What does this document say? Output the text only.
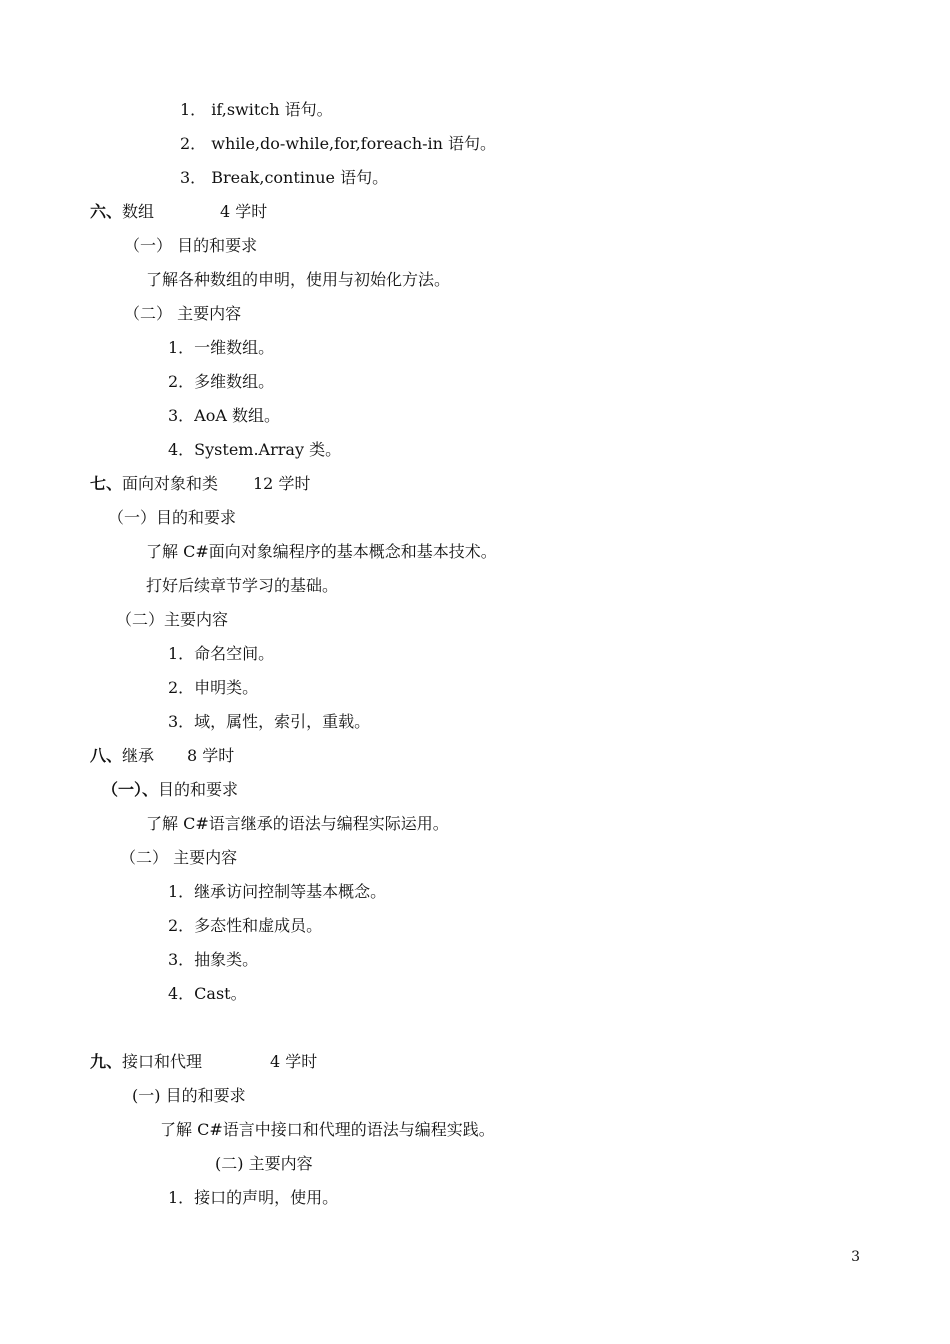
1． if,switch 语句。
2． while,do-while,for,foreach-in 语句。
3． Break,continue 语句。
六、数组	4 学时
（一） 目的和要求
了解各种数组的申明，使用与初始化方法。
（二） 主要内容
1．一维数组。
2．多维数组。
3．AoA 数组。
4．System.Array 类。
七、面向对象和类 12 学时
（一）目的和要求
了解 C#面向对象编程序的基本概念和基本技术。
打好后续章节学习的基础。
（二）主要内容
1．命名空间。
2．申明类。
3．域，属性，索引，重载。
八、继承 8 学时
（一）、目的和要求
了解 C#语言继承的语法与编程实际运用。
（二） 主要内容
1．继承访问控制等基本概念。
2．多态性和虚成员。
3．抽象类。
4．Cast。
九、接口和代理	4 学时
(一) 目的和要求
了解 C#语言中接口和代理的语法与编程实践。
(二) 主要内容
1．接口的声明，使用。
3
